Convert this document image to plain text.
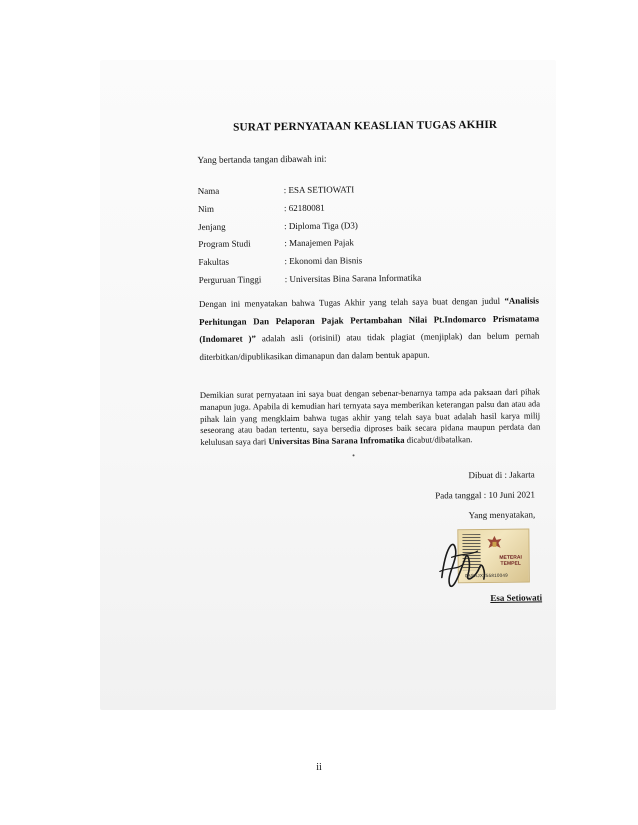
SURAT PERNYATAAN KEASLIAN TUGAS AKHIR
Yang bertanda tangan dibawah ini:
Nama	: ESA SETIOWATI
Nim	: 62180081
Jenjang	: Diploma Tiga (D3)
Program Studi	: Manajemen Pajak
Fakultas	: Ekonomi dan Bisnis
Perguruan Tinggi	: Universitas Bina Sarana Informatika
Dengan ini menyatakan bahwa Tugas Akhir yang telah saya buat dengan judul “Analisis Perhitungan Dan Pelaporan Pajak Pertambahan Nilai Pt.Indomarco Prismatama (Indomaret )” adalah asli (orisinil) atau tidak plagiat (menjiplak) dan belum pernah diterbitkan/dipublikasikan dimanapun dan dalam bentuk apapun.
Demikian surat pernyataan ini saya buat dengan sebenar-benarnya tampa ada paksaan dari pihak manapun juga. Apabila di kemudian hari ternyata saya memberikan keterangan palsu dan atau ada pihak lain yang mengklaim bahwa tugas akhir yang telah saya buat adalah hasil karya milij seseorang atau badan tertentu, saya bersedia diproses baik secara pidana maupun perdata dan kelulusan saya dari Universitas Bina Sarana Infromatika dicabut/dibatalkan.
Dibuat di : Jakarta
Pada tanggal : 10 Juni 2021
Yang menyatakan,
METERAI TEMPEL
0BSAJX255810049
Esa Setiowati
ii
